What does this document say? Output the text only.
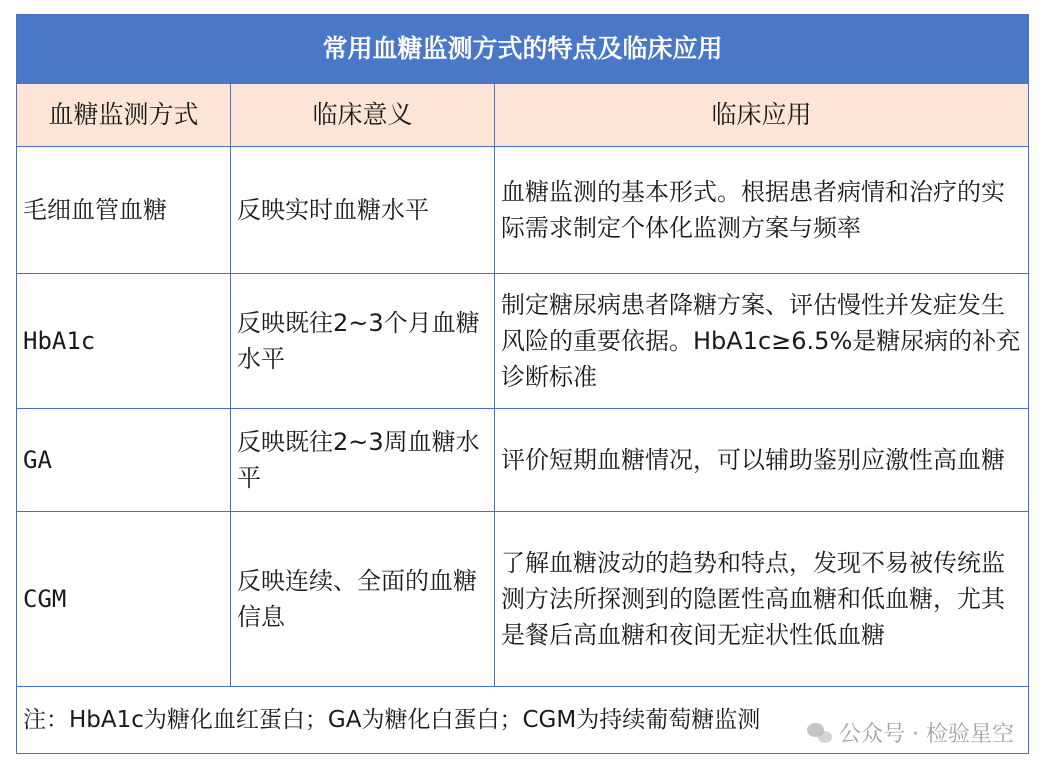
常用血糖监测方式的特点及临床应用		
血糖监测方式	临床意义	临床应用
毛细血管血糖	反映实时血糖水平	血糖监测的基本形式。根据患者病情和治疗的实际需求制定个体化监测方案与频率
HbA1c	反映既往2~3个月血糖水平	制定糖尿病患者降糖方案、评估慢性并发症发生风险的重要依据。HbA1c≥6.5%是糖尿病的补充诊断标准
GA	反映既往2~3周血糖水平	评价短期血糖情况，可以辅助鉴别应激性高血糖
CGM	反映连续、全面的血糖信息	了解血糖波动的趋势和特点，发现不易被传统监测方法所探测到的隐匿性高血糖和低血糖，尤其是餐后高血糖和夜间无症状性低血糖
注：HbA1c为糖化血红蛋白；GA为糖化白蛋白；CGM为持续葡萄糖监测		
公众号 · 检验星空
